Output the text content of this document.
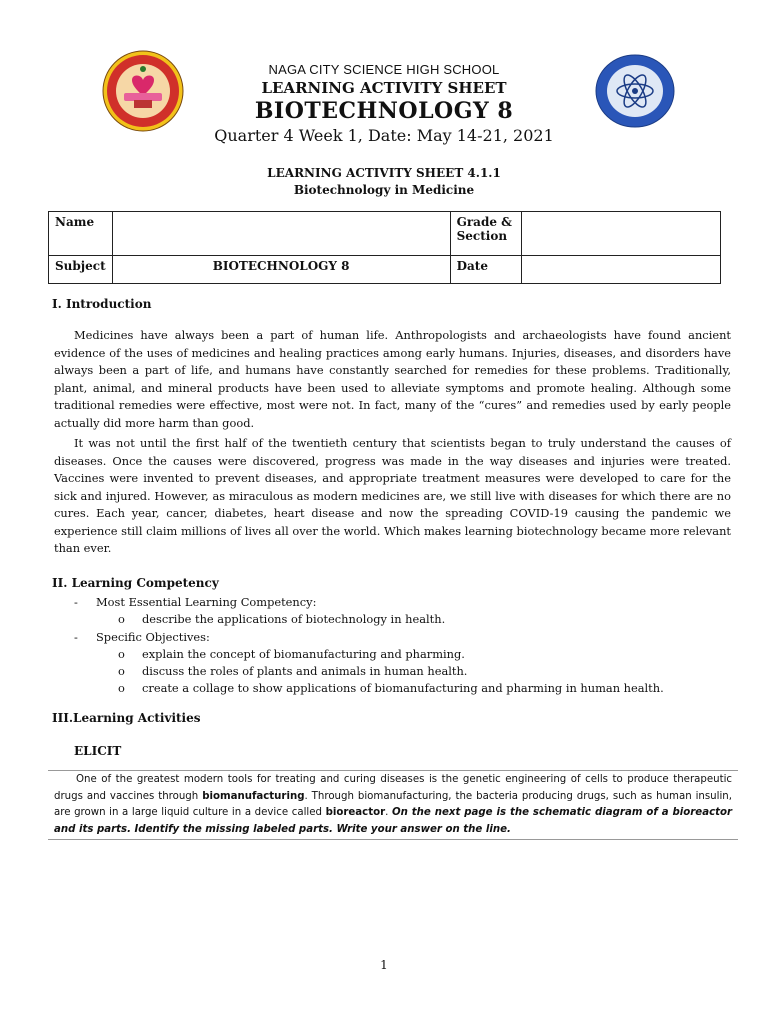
NAGA CITY SCIENCE HIGH SCHOOL
LEARNING ACTIVITY SHEET
BIOTECHNOLOGY 8
Quarter 4 Week 1, Date: May 14-21, 2021
LEARNING ACTIVITY SHEET 4.1.1
Biotechnology in Medicine
Name		Grade &
Section	
Subject	BIOTECHNOLOGY 8	Date	
I. Introduction

Medicines have always been a part of human life. Anthropologists and archaeologists have found ancient evidence of the uses of medicines and healing practices among early humans. Injuries, diseases, and disorders have always been a part of life, and humans have constantly searched for remedies for these problems. Traditionally, plant, animal, and mineral products have been used to alleviate symptoms and promote healing. Although some traditional remedies were effective, most were not. In fact, many of the “cures” and remedies used by early people actually did more harm than good.

It was not until the first half of the twentieth century that scientists began to truly understand the causes of diseases. Once the causes were discovered, progress was made in the way diseases and injuries were treated. Vaccines were invented to prevent diseases, and appropriate treatment measures were developed to care for the sick and injured. However, as miraculous as modern medicines are, we still live with diseases for which there are no cures. Each year, cancer, diabetes, heart disease and now the spreading COVID-19 causing the pandemic we experience still claim millions of lives all over the world. Which makes learning biotechnology became more relevant than ever.

II. Learning Competency
- Most Essential Learning Competency:
o describe the applications of biotechnology in health.
- Specific Objectives:
o explain the concept of biomanufacturing and pharming.
o discuss the roles of plants and animals in human health.
o create a collage to show applications of biomanufacturing and pharming in human health.
III.Learning Activities
ELICIT

One of the greatest modern tools for treating and curing diseases is the genetic engineering of cells to produce therapeutic drugs and vaccines through biomanufacturing. Through biomanufacturing, the bacteria producing drugs, such as human insulin, are grown in a large liquid culture in a device called bioreactor. On the next page is the schematic diagram of a bioreactor and its parts. Identify the missing labeled parts. Write your answer on the line.

1
